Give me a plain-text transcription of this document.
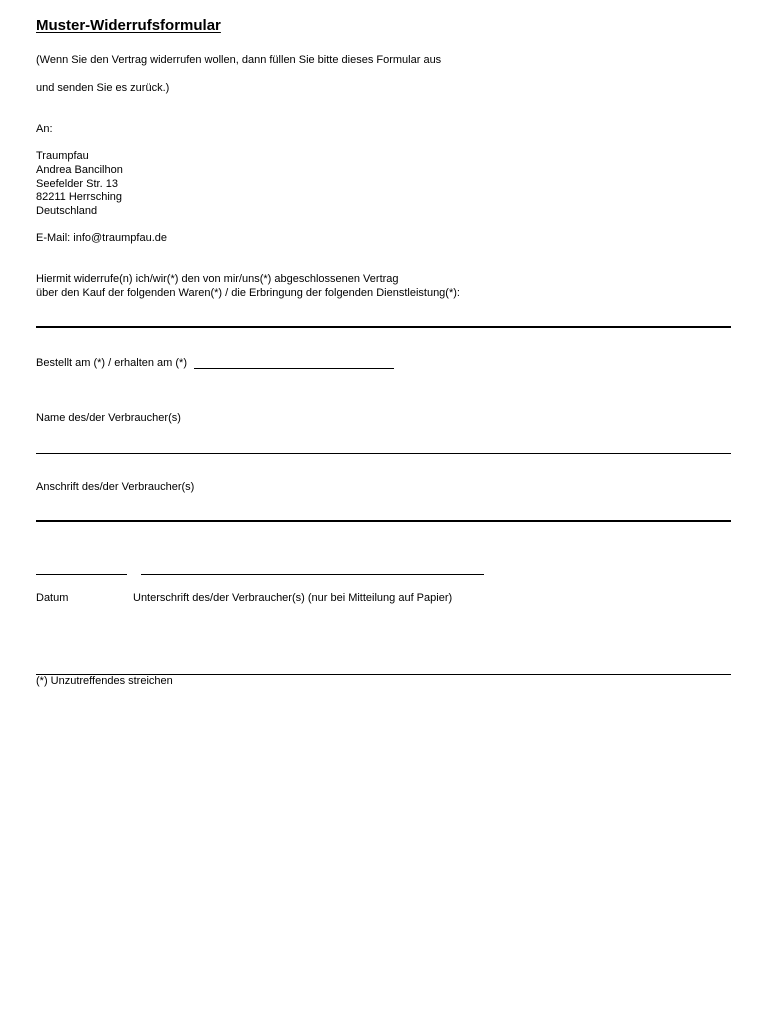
Muster-Widerrufsformular
(Wenn Sie den Vertrag widerrufen wollen, dann füllen Sie bitte dieses Formular aus
und senden Sie es zurück.)
An:
Traumpfau
Andrea Bancilhon
Seefelder Str. 13
82211 Herrsching
Deutschland
E-Mail: info@traumpfau.de
Hiermit widerrufe(n) ich/wir(*) den von mir/uns(*) abgeschlossenen Vertrag
über den Kauf der folgenden Waren(*) / die Erbringung der folgenden Dienstleistung(*):
Bestellt am (*) / erhalten am (*)
Name des/der Verbraucher(s)
Anschrift des/der Verbraucher(s)
Datum	Unterschrift des/der Verbraucher(s) (nur bei Mitteilung auf Papier)
(*) Unzutreffendes streichen
